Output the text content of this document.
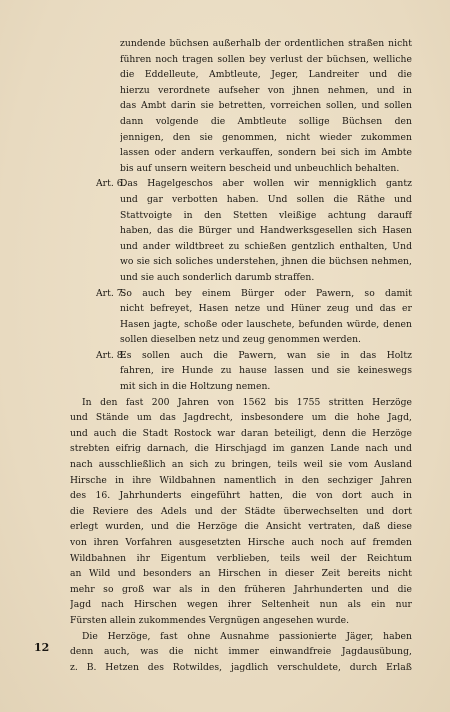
zundende büchsen außerhalb der ordentlichen straßen nicht
führen noch tragen sollen bey verlust der büchsen, welliche
die Eddelleute, Ambtleute, Jeger, Landreiter und die
hierzu verordnete aufseher von jhnen nehmen, und in
das Ambt darin sie betretten, vorreichen sollen, und sollen
dann volgende die Ambtleute sollige Büchsen den
jennigen, den sie genommen, nicht wieder zukommen
lassen oder andern verkauffen, sondern bei sich im Ambte
bis auf unsern weitern bescheid und unbeuchlich behalten.
Art. 6.
Das Hagelgeschos aber wollen wir mennigklich gantz
und gar verbotten haben. Und sollen die Räthe und
Stattvoigte in den Stetten vleißige achtung darauff
haben, das die Bürger und Handwerksgesellen sich Hasen
und ander wildtbreet zu schießen gentzlich enthalten, Und
wo sie sich soliches understehen, jhnen die büchsen nehmen,
und sie auch sonderlich darumb straffen.
Art. 7.
So auch bey einem Bürger oder Pawern, so damit
nicht befreyet, Hasen netze und Hüner zeug und das er
Hasen jagte, schoße oder lauschete, befunden würde, denen
sollen dieselben netz und zeug genommen werden.
Art. 8.
Es sollen auch die Pawern, wan sie in das Holtz
fahren, ire Hunde zu hause lassen und sie keineswegs
mit sich in die Holtzung nemen.
In den fast 200 Jahren von 1562 bis 1755 stritten Herzöge
und Stände um das Jagdrecht, insbesondere um die hohe Jagd,
und auch die Stadt Rostock war daran beteiligt, denn die Herzöge
strebten eifrig darnach, die Hirschjagd im ganzen Lande nach und
nach ausschließlich an sich zu bringen, teils weil sie vom Ausland
Hirsche in ihre Wildbahnen namentlich in den sechziger Jahren
des 16. Jahrhunderts eingeführt hatten, die von dort auch in
die Reviere des Adels und der Städte überwechselten und dort
erlegt wurden, und die Herzöge die Ansicht vertraten, daß diese
von ihren Vorfahren ausgesetzten Hirsche auch noch auf fremden
Wildbahnen ihr Eigentum verblieben, teils weil der Reichtum
an Wild und besonders an Hirschen in dieser Zeit bereits nicht
mehr so groß war als in den früheren Jahrhunderten und die
Jagd nach Hirschen wegen ihrer Seltenheit nun als ein nur
Fürsten allein zukommendes Vergnügen angesehen wurde.
Die Herzöge, fast ohne Ausnahme passionierte Jäger, haben
denn auch, was die nicht immer einwandfreie Jagdausübung,
z. B. Hetzen des Rotwildes, jagdlich verschuldete, durch Erlaß
12
